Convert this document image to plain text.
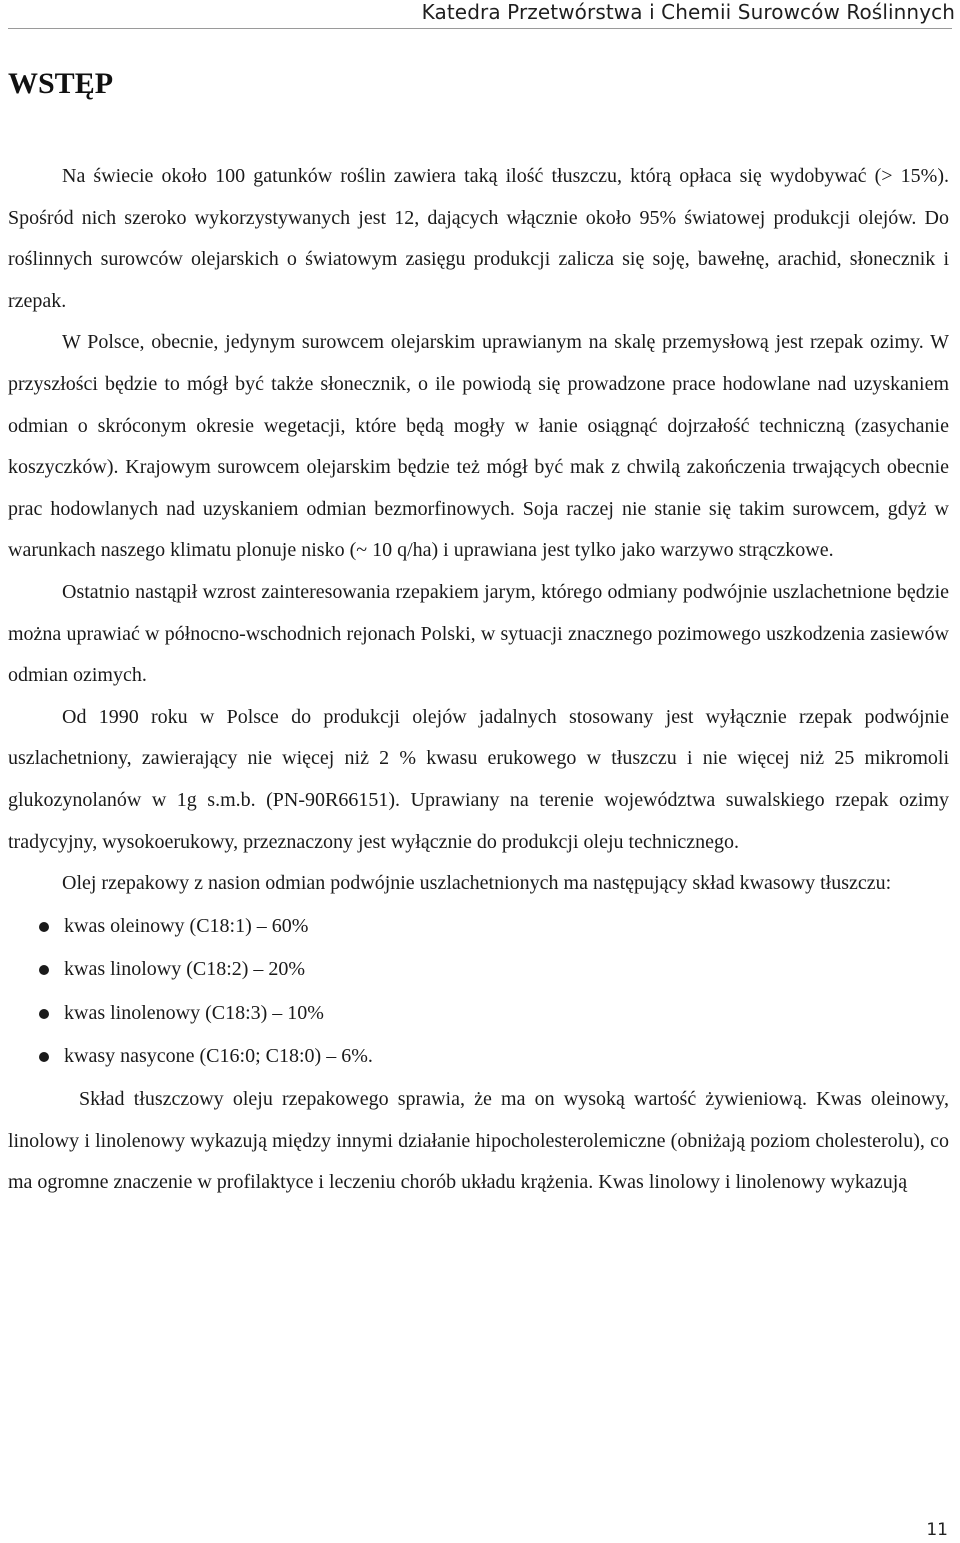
Katedra Przetwórstwa i Chemii Surowców Roślinnych
WSTĘP

Na świecie około 100 gatunków roślin zawiera taką ilość tłuszczu, którą opłaca się wydobywać (> 15%). Spośród nich szeroko wykorzystywanych jest 12, dających włącznie około 95% światowej produkcji olejów. Do roślinnych surowców olejarskich o światowym zasięgu produkcji zalicza się soję, bawełnę, arachid, słonecznik i rzepak.

W Polsce, obecnie, jedynym surowcem olejarskim uprawianym na skalę przemysłową jest rzepak ozimy. W przyszłości będzie to mógł być także słonecznik, o ile powiodą się prowadzone prace hodowlane nad uzyskaniem odmian o skróconym okresie wegetacji, które będą mogły w łanie osiągnąć dojrzałość techniczną (zasychanie koszyczków). Krajowym surowcem olejarskim będzie też mógł być mak z chwilą zakończenia trwających obecnie prac hodowlanych nad uzyskaniem odmian bezmorfinowych. Soja raczej nie stanie się takim surowcem, gdyż w warunkach naszego klimatu plonuje nisko (~ 10 q/ha) i uprawiana jest tylko jako warzywo strączkowe.

Ostatnio nastąpił wzrost zainteresowania rzepakiem jarym, którego odmiany podwójnie uszlachetnione będzie można uprawiać w północno-wschodnich rejonach Polski, w sytuacji znacznego pozimowego uszkodzenia zasiewów odmian ozimych.

Od 1990 roku w Polsce do produkcji olejów jadalnych stosowany jest wyłącznie rzepak podwójnie uszlachetniony, zawierający nie więcej niż 2 % kwasu erukowego w tłuszczu i nie więcej niż 25 mikromoli glukozynolanów w 1g s.m.b. (PN-90R66151). Uprawiany na terenie województwa suwalskiego rzepak ozimy tradycyjny, wysokoerukowy, przeznaczony jest wyłącznie do produkcji oleju technicznego.

Olej rzepakowy z nasion odmian podwójnie uszlachetnionych ma następujący skład kwasowy tłuszczu:

kwas oleinowy (C18:1) – 60%
kwas linolowy (C18:2) – 20%
kwas linolenowy (C18:3) – 10%
kwasy nasycone (C16:0; C18:0) – 6%.

Skład tłuszczowy oleju rzepakowego sprawia, że ma on wysoką wartość żywieniową. Kwas oleinowy, linolowy i linolenowy wykazują między innymi działanie hipocholesterolemiczne (obniżają poziom cholesterolu), co ma ogromne znaczenie w profilaktyce i leczeniu chorób układu krążenia. Kwas linolowy i linolenowy wykazują

11
